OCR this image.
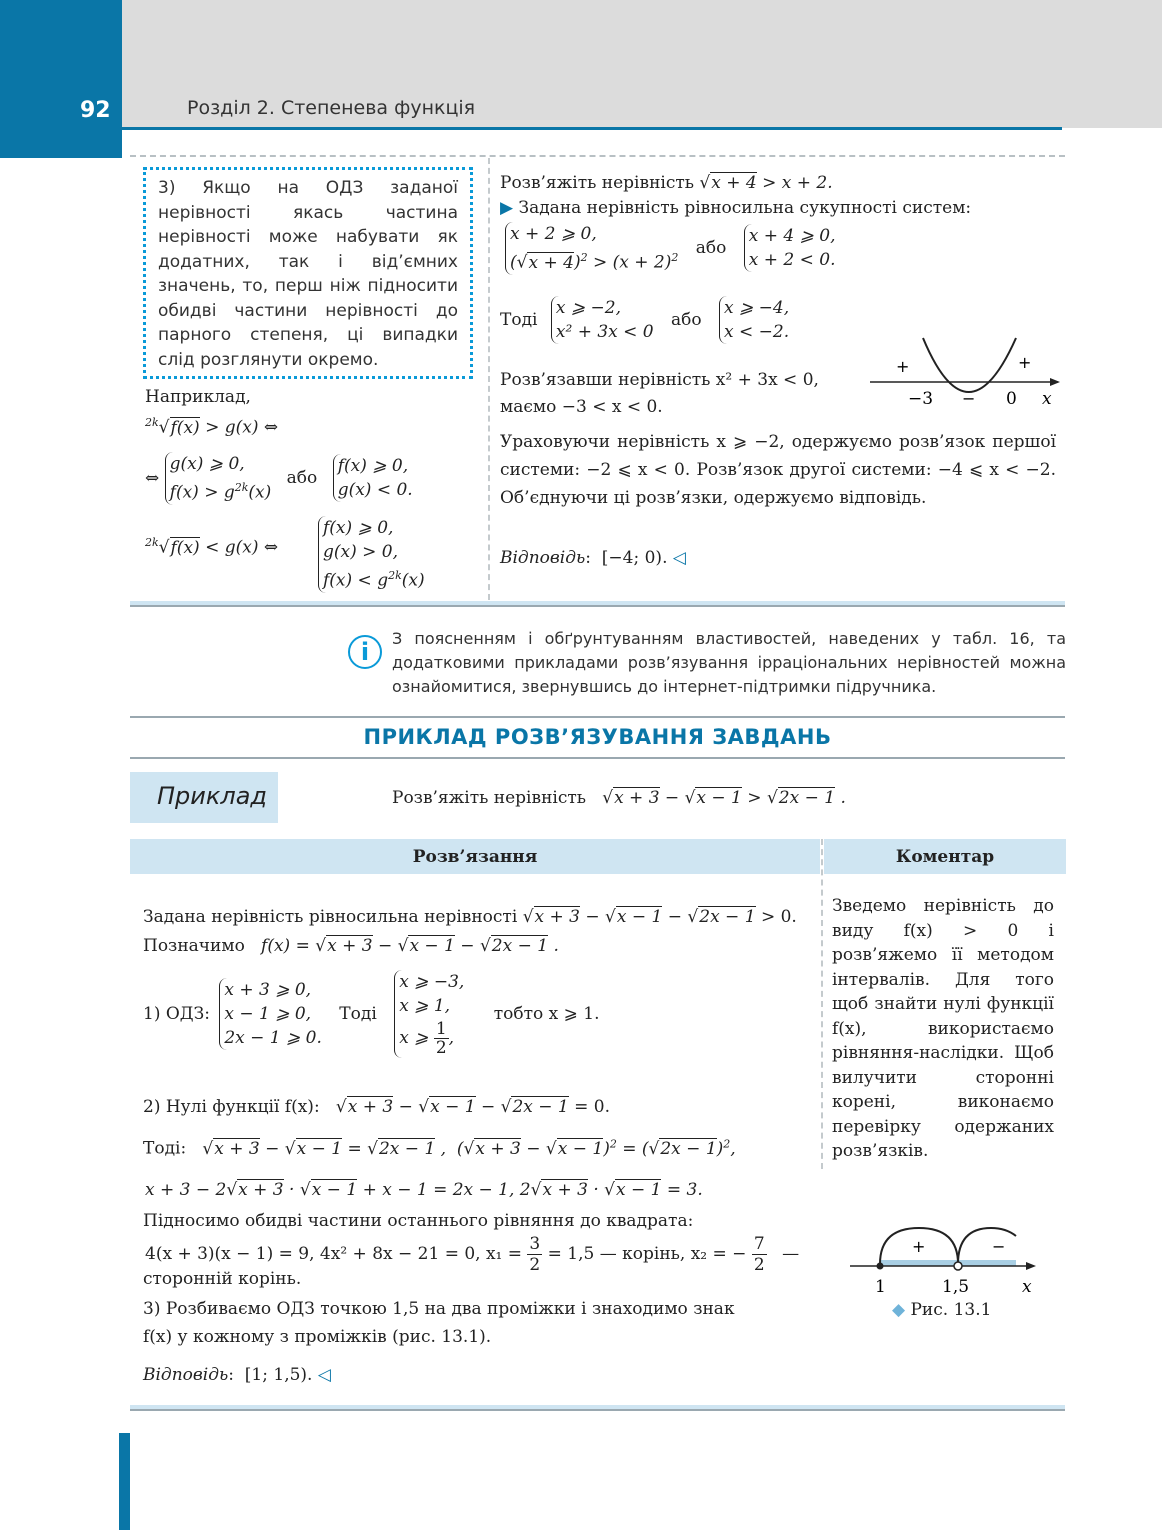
92	Розділ 2. Степенева функція
3) Якщо на ОДЗ заданої нерівності якась частина нерівності може набувати як додатних, так і від’ємних значень, то, перш ніж підносити обидві частини нерівності до парного степеня, ці випадки слід розглянути окремо.
Наприклад,
$^{2k}$√f(x) > g(x) ⇔
⇔
g(x) ⩾ 0,
$f(x) > g^{2k}(x)$
або
f(x) ⩾ 0,
g(x) < 0.
$^{2k}$√f(x) < g(x) ⇔
f(x) ⩾ 0,
g(x) > 0,
$f(x) < g^{2k}(x)$
Розв’яжіть нерівність √x + 4 > x + 2.
▶ Задана нерівність рівносильна сукупності систем:
x + 2 ⩾ 0,
$(√x + 4)^2 > (x + 2)^2$ або
x + 4 ⩾ 0,
x + 2 < 0.
Тоді
x ⩾ −2,
x² + 3x < 0
або
x ⩾ −4,
x < −2.
Розв’язавши нерівність x² + 3x < 0,
маємо −3 < x < 0.
+	+
−
−3	0 x
Ураховуючи нерівність x ⩾ −2, одержуємо розв’язок першої системи: −2 ⩽ x < 0. Розв’язок другої системи: −4 ⩽ x < −2. Об’єднуючи ці розв’язки, одержуємо відповідь.
Відповідь:  [−4; 0). ◁
i	З поясненням і обґрунтуванням властивостей, наведених у табл. 16, та додатковими прикладами розв’язування ірраціональних нерівностей можна ознайомитися, звернувшись до інтернет-підтримки підручника.
ПРИКЛАД РОЗВ’ЯЗУВАННЯ ЗАВДАНЬ
Приклад	Розв’яжіть нерівність   √x + 3 − √x − 1 > √2x − 1 .
Розв’язання	Коментар
Задана нерівність рівносильна нерівності √x + 3 − √x − 1 − √2x − 1 > 0.
Позначимо   f(x) = √x + 3 − √x − 1 − √2x − 1 .
1) ОДЗ:
x + 3 ⩾ 0,
x − 1 ⩾ 0,
2x − 1 ⩾ 0.
Тоді
x ⩾ −3,
x ⩾ 1,
x ⩾ $\frac{1}{2}$ ,
тобто x ⩾ 1.
2) Нулі функції f(x):   √x + 3 − √x − 1 − √2x − 1 = 0.
Тоді:   √x + 3 − √x − 1 = √2x − 1 ,  $(√x + 3 - √x - 1)^2 = (√2x - 1)^2$,
x + 3 − 2√x + 3 · √x − 1 + x − 1 = 2x − 1, 2√x + 3 · √x − 1 = 3.
Підносимо обидві частини останнього рівняння до квадрата:
4(x + 3)(x − 1) = 9, 4x² + 8x − 21 = 0, $x_1 = \frac{3}{2} = 1,5$ — корінь, x₂ = − $\frac{7}{2}$ —
сторонній корінь.
3) Розбиваємо ОДЗ точкою 1,5 на два проміжки і знаходимо знак
f(x) у кожному з проміжків (рис. 13.1).
Відповідь:  [1; 1,5). ◁
Зведемо нерівність до виду f(x) > 0 і розв’яжемо її методом інтервалів. Для того щоб знайти нулі функції f(x), використаємо рівняння-наслідки. Щоб вилучити сторонні корені, виконаємо перевірку одержаних розв’язків.
+	−
1	1,5	x
◆ Рис. 13.1
